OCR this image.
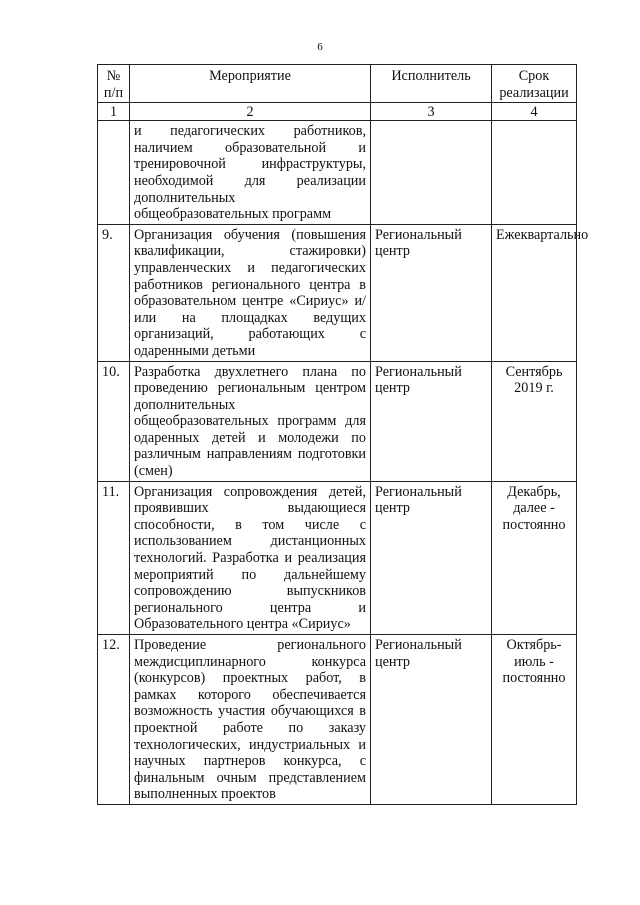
6
№ п/п	Мероприятие	Исполнитель	Срок реализации
1	2	3	4
	и педагогических работников, наличием образовательной и тренировочной инфраструктуры, необходимой для реализации дополнительных общеобразовательных программ		
9.	Организация обучения (повышения квалификации, стажировки) управленческих и педагогических работников регионального центра в образовательном центре «Сириус» и/или на площадках ведущих организаций, работающих с одаренными детьми	Региональный центр	Ежеквартально
10.	Разработка двухлетнего плана по проведению региональным центром дополнительных общеобразовательных программ для одаренных детей и молодежи по различным направлениям подготовки (смен)	Региональный центр	Сентябрь 2019 г.
11.	Организация сопровождения детей, проявивших выдающиеся способности, в том числе с использованием дистанционных технологий. Разработка и реализация мероприятий по дальнейшему сопровождению выпускников регионального центра и Образовательного центра «Сириус»	Региональный центр	Декабрь, далее - постоянно
12.	Проведение регионального междисциплинарного конкурса (конкурсов) проектных работ, в рамках которого обеспечивается возможность участия обучающихся в проектной работе по заказу технологических, индустриальных и научных партнеров конкурса, с финальным очным представлением выполненных проектов	Региональный центр	Октябрь-июль - постоянно
